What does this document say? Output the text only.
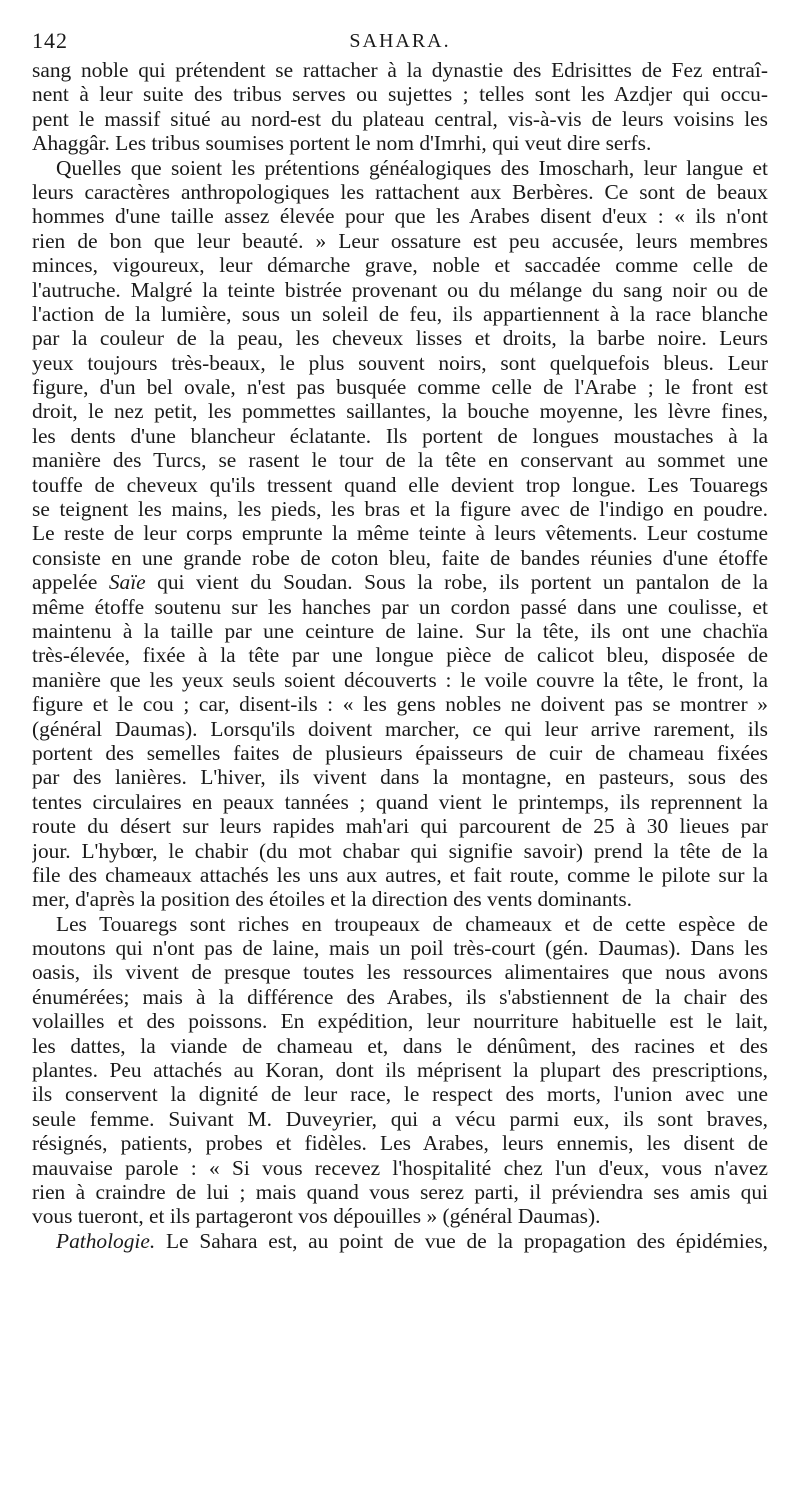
142	SAHARA.
sang noble qui prétendent se rattacher à la dynastie des Edrisittes de Fez entraî-
nent à leur suite des tribus serves ou sujettes ; telles sont les Azdjer qui occu-
pent le massif situé au nord-est du plateau central, vis-à-vis de leurs voisins les
Ahaggâr. Les tribus soumises portent le nom d'Imrhi, qui veut dire serfs.
Quelles que soient les prétentions généalogiques des Imoscharh, leur langue et
leurs caractères anthropologiques les rattachent aux Berbères. Ce sont de beaux
hommes d'une taille assez élevée pour que les Arabes disent d'eux : « ils n'ont
rien de bon que leur beauté. » Leur ossature est peu accusée, leurs membres
minces, vigoureux, leur démarche grave, noble et saccadée comme celle de
l'autruche. Malgré la teinte bistrée provenant ou du mélange du sang noir ou de
l'action de la lumière, sous un soleil de feu, ils appartiennent à la race blanche
par la couleur de la peau, les cheveux lisses et droits, la barbe noire. Leurs
yeux toujours très-beaux, le plus souvent noirs, sont quelquefois bleus. Leur
figure, d'un bel ovale, n'est pas busquée comme celle de l'Arabe ; le front est
droit, le nez petit, les pommettes saillantes, la bouche moyenne, les lèvre fines,
les dents d'une blancheur éclatante. Ils portent de longues moustaches à la
manière des Turcs, se rasent le tour de la tête en conservant au sommet une
touffe de cheveux qu'ils tressent quand elle devient trop longue. Les Touaregs
se teignent les mains, les pieds, les bras et la figure avec de l'indigo en poudre.
Le reste de leur corps emprunte la même teinte à leurs vêtements. Leur costume
consiste en une grande robe de coton bleu, faite de bandes réunies d'une étoffe
appelée Saïe qui vient du Soudan. Sous la robe, ils portent un pantalon de la
même étoffe soutenu sur les hanches par un cordon passé dans une coulisse, et
maintenu à la taille par une ceinture de laine. Sur la tête, ils ont une chachïa
très-élevée, fixée à la tête par une longue pièce de calicot bleu, disposée de
manière que les yeux seuls soient découverts : le voile couvre la tête, le front, la
figure et le cou ; car, disent-ils : « les gens nobles ne doivent pas se montrer »
(général Daumas). Lorsqu'ils doivent marcher, ce qui leur arrive rarement, ils
portent des semelles faites de plusieurs épaisseurs de cuir de chameau fixées
par des lanières. L'hiver, ils vivent dans la montagne, en pasteurs, sous des
tentes circulaires en peaux tannées ; quand vient le printemps, ils reprennent la
route du désert sur leurs rapides mah'ari qui parcourent de 25 à 30 lieues par
jour. L'hybœr, le chabir (du mot chabar qui signifie savoir) prend la tête de la
file des chameaux attachés les uns aux autres, et fait route, comme le pilote sur la
mer, d'après la position des étoiles et la direction des vents dominants.
Les Touaregs sont riches en troupeaux de chameaux et de cette espèce de
moutons qui n'ont pas de laine, mais un poil très-court (gén. Daumas). Dans les
oasis, ils vivent de presque toutes les ressources alimentaires que nous avons
énumérées; mais à la différence des Arabes, ils s'abstiennent de la chair des
volailles et des poissons. En expédition, leur nourriture habituelle est le lait,
les dattes, la viande de chameau et, dans le dénûment, des racines et des
plantes. Peu attachés au Koran, dont ils méprisent la plupart des prescriptions,
ils conservent la dignité de leur race, le respect des morts, l'union avec une
seule femme. Suivant M. Duveyrier, qui a vécu parmi eux, ils sont braves,
résignés, patients, probes et fidèles. Les Arabes, leurs ennemis, les disent de
mauvaise parole : « Si vous recevez l'hospitalité chez l'un d'eux, vous n'avez
rien à craindre de lui ; mais quand vous serez parti, il préviendra ses amis qui
vous tueront, et ils partageront vos dépouilles » (général Daumas).
Pathologie. Le Sahara est, au point de vue de la propagation des épidémies,
